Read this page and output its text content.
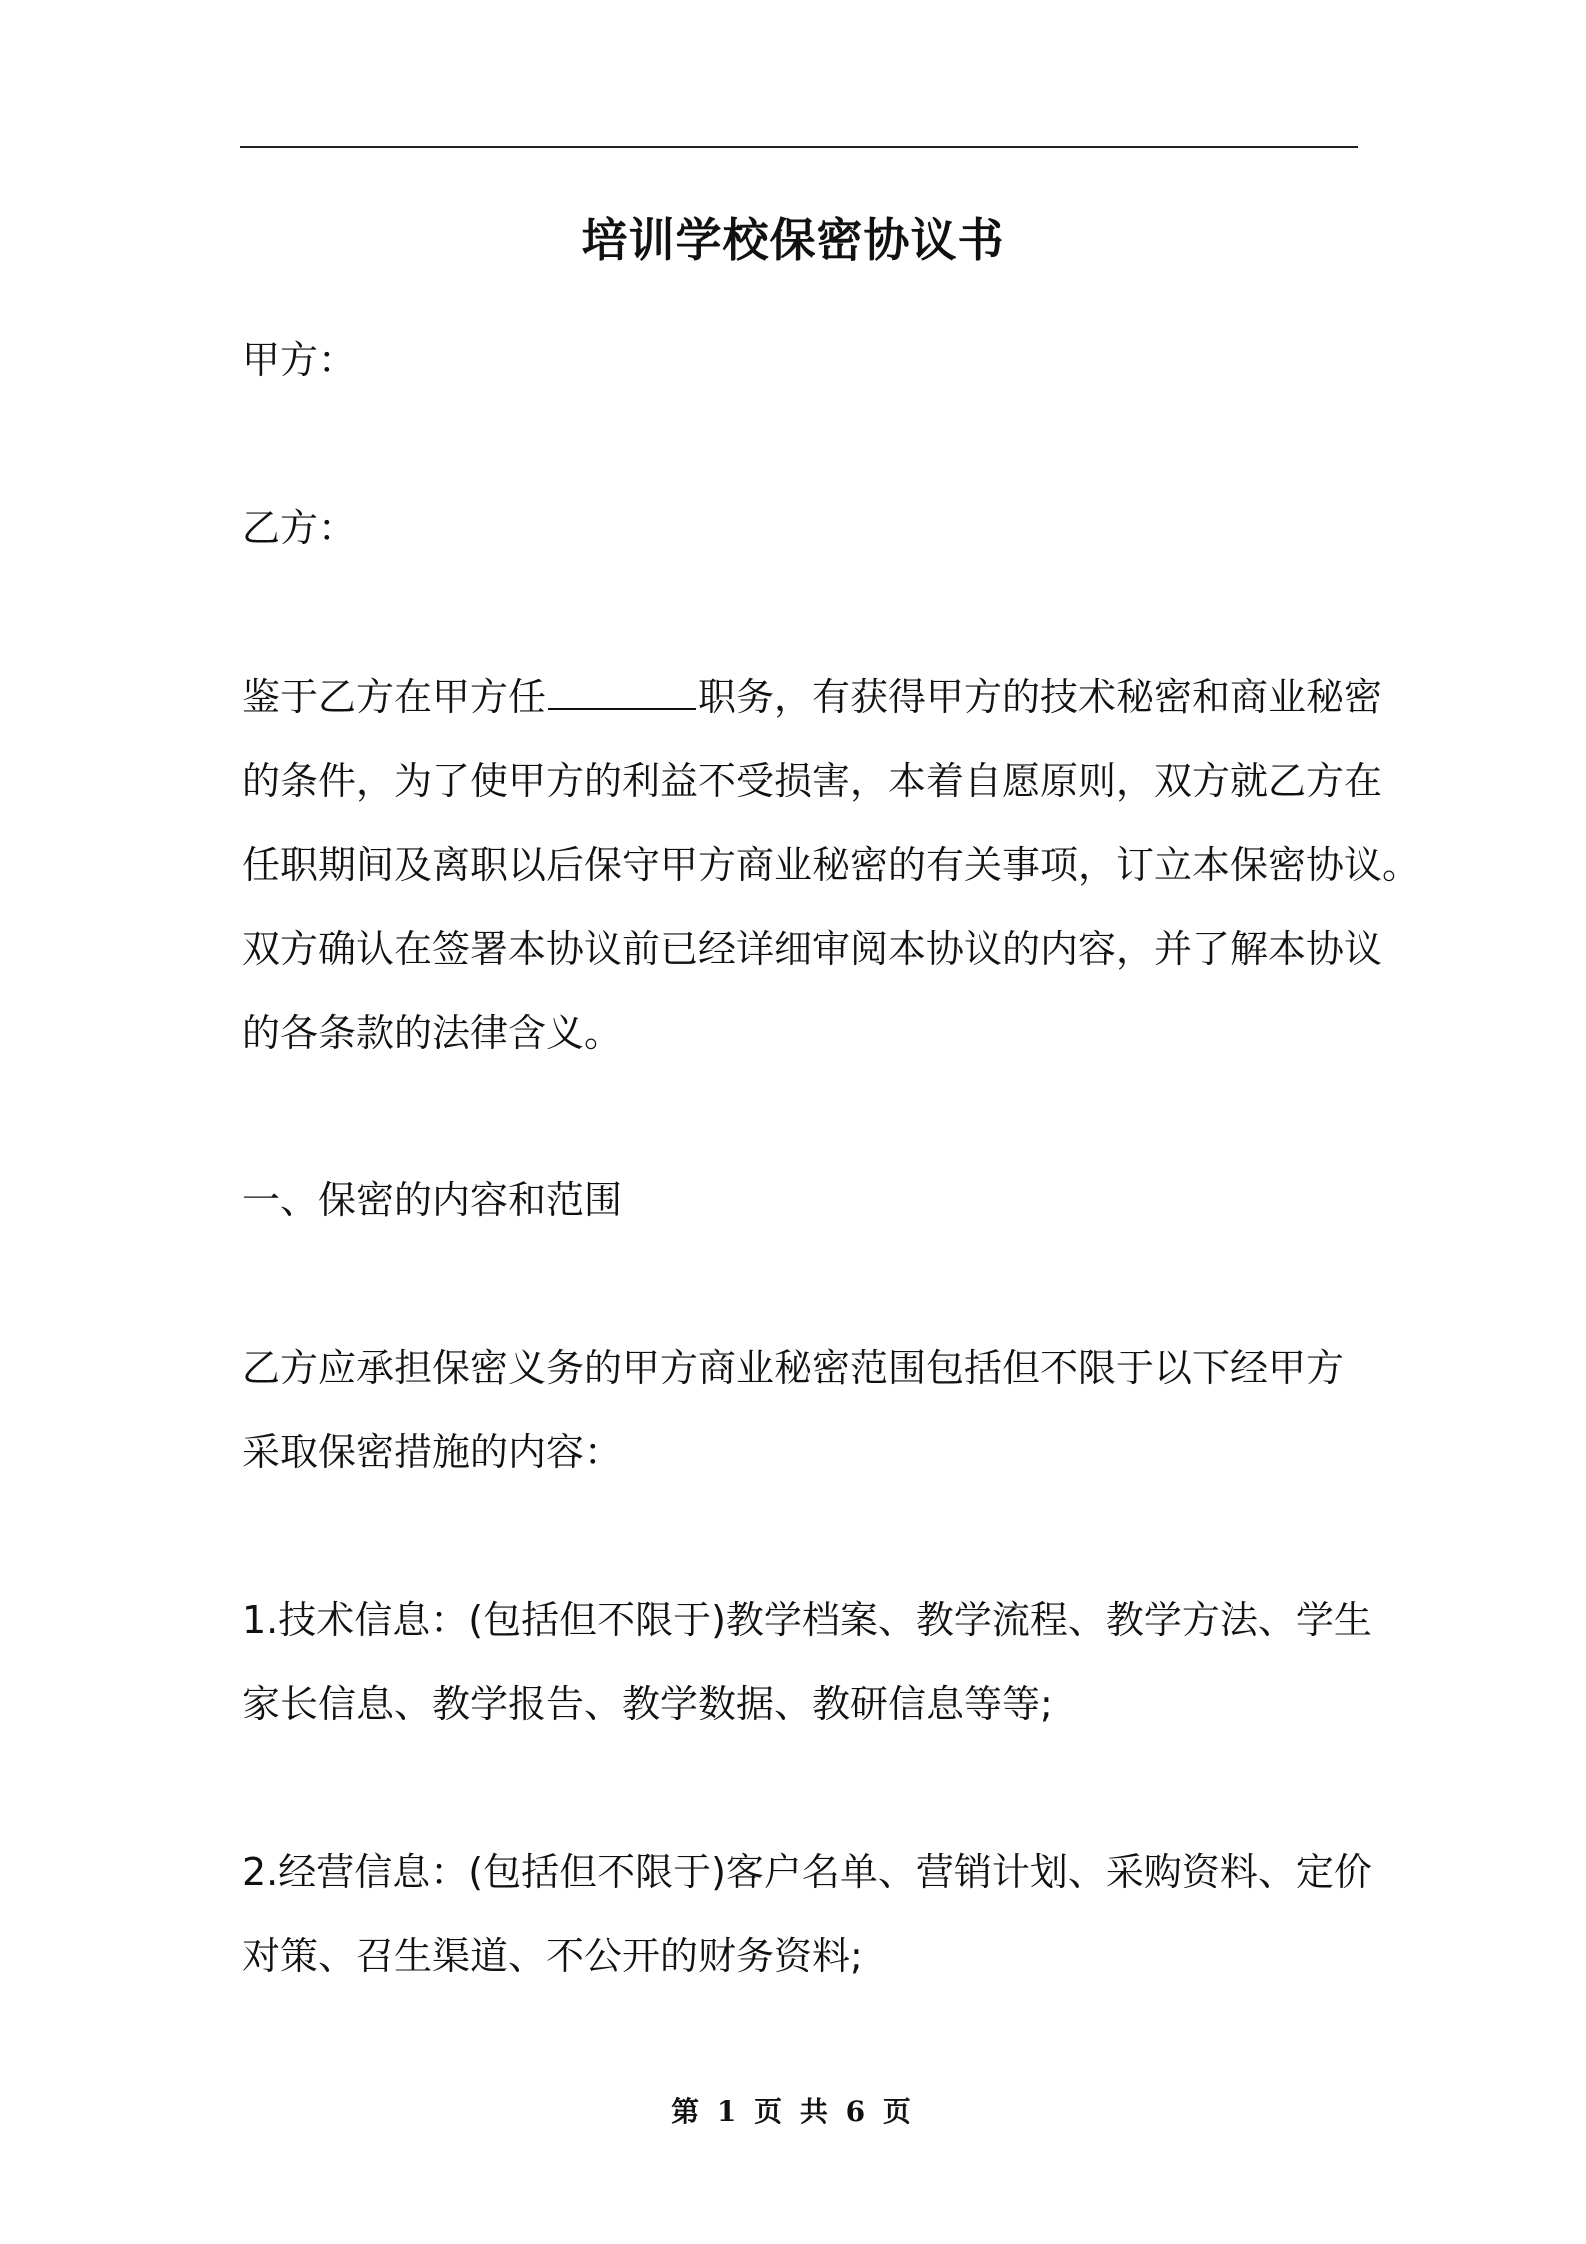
培训学校保密协议书
甲方：
乙方：
鉴于乙方在甲方任	职务，有获得甲方的技术秘密和商业秘密
的条件，为了使甲方的利益不受损害，本着自愿原则，双方就乙方在
任职期间及离职以后保守甲方商业秘密的有关事项，订立本保密协议。
双方确认在签署本协议前已经详细审阅本协议的内容，并了解本协议
的各条款的法律含义。
一、保密的内容和范围
乙方应承担保密义务的甲方商业秘密范围包括但不限于以下经甲方
采取保密措施的内容：
1.技术信息：(包括但不限于)教学档案、教学流程、教学方法、学生
家长信息、教学报告、教学数据、教研信息等等;
2.经营信息：(包括但不限于)客户名单、营销计划、采购资料、定价
对策、召生渠道、不公开的财务资料;
第 1 页 共 6 页
